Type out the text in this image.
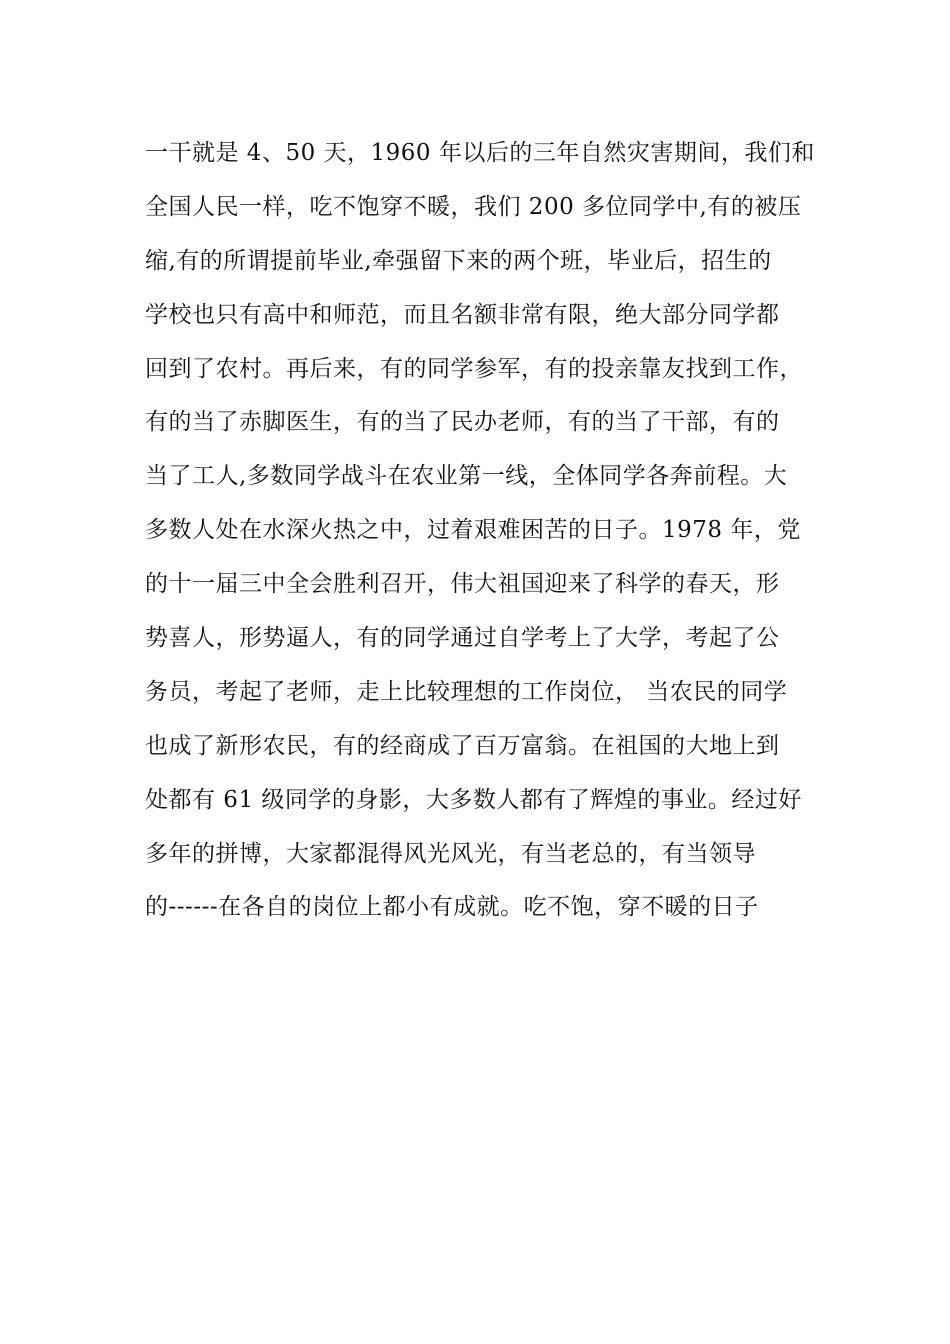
一干就是 4、50 天，1960 年以后的三年自然灾害期间，我们和
全国人民一样，吃不饱穿不暖，我们 200 多位同学中,有的被压
缩,有的所谓提前毕业,牵强留下来的两个班，毕业后，招生的
学校也只有高中和师范，而且名额非常有限，绝大部分同学都
回到了农村。再后来，有的同学参军，有的投亲靠友找到工作，
有的当了赤脚医生，有的当了民办老师，有的当了干部，有的
当了工人,多数同学战斗在农业第一线，全体同学各奔前程。大
多数人处在水深火热之中，过着艰难困苦的日子。1978 年，党
的十一届三中全会胜利召开，伟大祖国迎来了科学的春天，形
势喜人，形势逼人，有的同学通过自学考上了大学，考起了公
务员，考起了老师，走上比较理想的工作岗位， 当农民的同学
也成了新形农民，有的经商成了百万富翁。在祖国的大地上到
处都有 61 级同学的身影，大多数人都有了辉煌的事业。经过好
多年的拼博，大家都混得风光风光，有当老总的，有当领导
的------在各自的岗位上都小有成就。吃不饱，穿不暖的日子
